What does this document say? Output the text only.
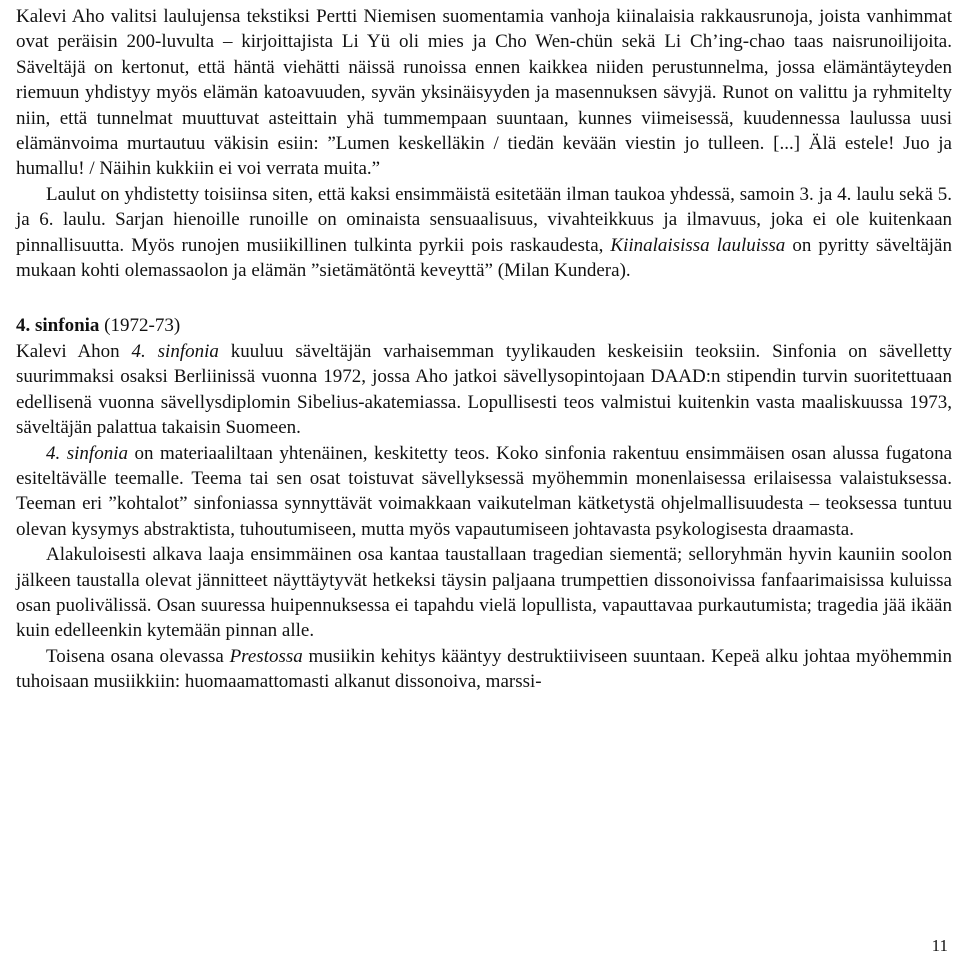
Kalevi Aho valitsi laulujensa tekstiksi Pertti Niemisen suomentamia vanhoja kiinalaisia rakkausrunoja, joista vanhimmat ovat peräisin 200-luvulta – kirjoittajista Li Yü oli mies ja Cho Wen-chün sekä Li Ch’ing-chao taas naisrunoilijoita. Säveltäjä on kertonut, että häntä viehätti näissä runoissa ennen kaikkea niiden perustunnelma, jossa elämäntäyteyden riemuun yhdistyy myös elämän katoavuuden, syvän yksinäisyyden ja masennuksen sävyjä. Runot on valittu ja ryhmitelty niin, että tunnelmat muuttuvat asteittain yhä tummempaan suuntaan, kunnes viimeisessä, kuudennessa laulussa uusi elämänvoima murtautuu väkisin esiin: ”Lumen keskelläkin / tiedän kevään viestin jo tulleen. [...] Älä estele! Juo ja humallu! / Näihin kukkiin ei voi verrata muita.”

Laulut on yhdistetty toisiinsa siten, että kaksi ensimmäistä esitetään ilman taukoa yhdessä, samoin 3. ja 4. laulu sekä 5. ja 6. laulu. Sarjan hienoille runoille on ominaista sensuaalisuus, vivahteikkuus ja ilmavuus, joka ei ole kuitenkaan pinnallisuutta. Myös runojen musiikillinen tulkinta pyrkii pois raskaudesta, Kiinalaisissa lauluissa on pyritty säveltäjän mukaan kohti olemassaolon ja elämän ”sietämätöntä keveyttä” (Milan Kundera).

4. sinfonia (1972-73)

Kalevi Ahon 4. sinfonia kuuluu säveltäjän varhaisemman tyylikauden keskeisiin teoksiin. Sinfonia on sävelletty suurimmaksi osaksi Berliinissä vuonna 1972, jossa Aho jatkoi sävellysopintojaan DAAD:n stipendin turvin suoritettuaan edellisenä vuonna sävellysdiplomin Sibelius-akatemiassa. Lopullisesti teos valmistui kuitenkin vasta maaliskuussa 1973, säveltäjän palattua takaisin Suomeen.

4. sinfonia on materiaaliltaan yhtenäinen, keskitetty teos. Koko sinfonia rakentuu ensimmäisen osan alussa fugatona esiteltävälle teemalle. Teema tai sen osat toistuvat sävellyksessä myöhemmin monenlaisessa erilaisessa valaistuksessa. Teeman eri ”kohtalot” sinfoniassa synnyttävät voimakkaan vaikutelman kätketystä ohjelmallisuudesta – teoksessa tuntuu olevan kysymys abstraktista, tuhoutumiseen, mutta myös vapautumiseen johtavasta psykologisesta draamasta.

Alakuloisesti alkava laaja ensimmäinen osa kantaa taustallaan tragedian siementä; selloryhmän hyvin kauniin soolon jälkeen taustalla olevat jännitteet näyttäytyvät hetkeksi täysin paljaana trumpettien dissonoivissa fanfaarimaisissa kuluissa osan puolivälissä. Osan suuressa huipennuksessa ei tapahdu vielä lopullista, vapauttavaa purkautumista; tragedia jää ikään kuin edelleenkin kytemään pinnan alle.

Toisena osana olevassa Prestossa musiikin kehitys kääntyy destruktiiviseen suuntaan. Kepeä alku johtaa myöhemmin tuhoisaan musiikkiin: huomaamattomasti alkanut dissonoiva, marssi-

11
